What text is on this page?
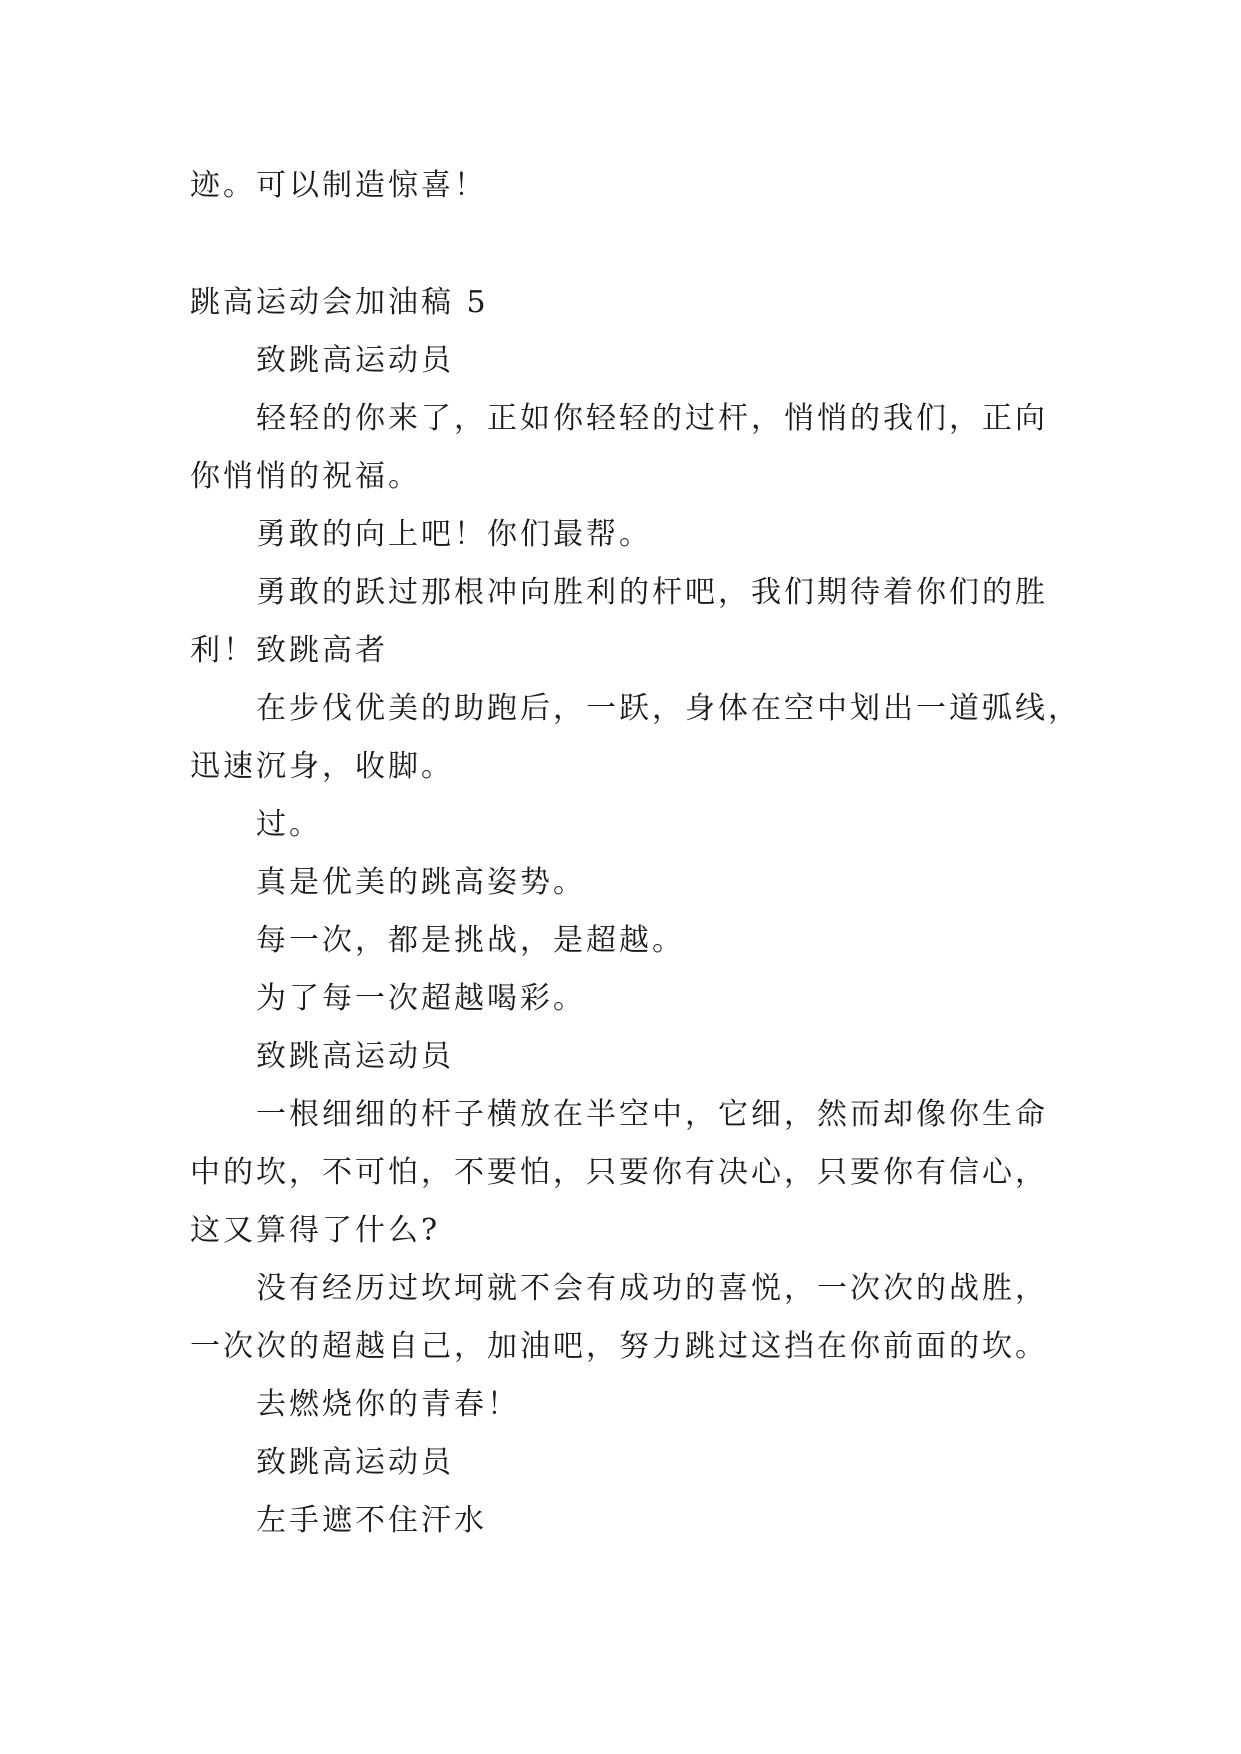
迹。可以制造惊喜！
跳高运动会加油稿 5
致跳高运动员
轻轻的你来了，正如你轻轻的过杆，悄悄的我们，正向
你悄悄的祝福。
勇敢的向上吧！你们最帮。
勇敢的跃过那根冲向胜利的杆吧，我们期待着你们的胜
利！致跳高者
在步伐优美的助跑后，一跃，身体在空中划出一道弧线，
迅速沉身，收脚。
过。
真是优美的跳高姿势。
每一次，都是挑战，是超越。
为了每一次超越喝彩。
致跳高运动员
一根细细的杆子横放在半空中，它细，然而却像你生命
中的坎，不可怕，不要怕，只要你有决心，只要你有信心，
这又算得了什么?
没有经历过坎坷就不会有成功的喜悦，一次次的战胜，
一次次的超越自己，加油吧，努力跳过这挡在你前面的坎。
去燃烧你的青春！
致跳高运动员
左手遮不住汗水
